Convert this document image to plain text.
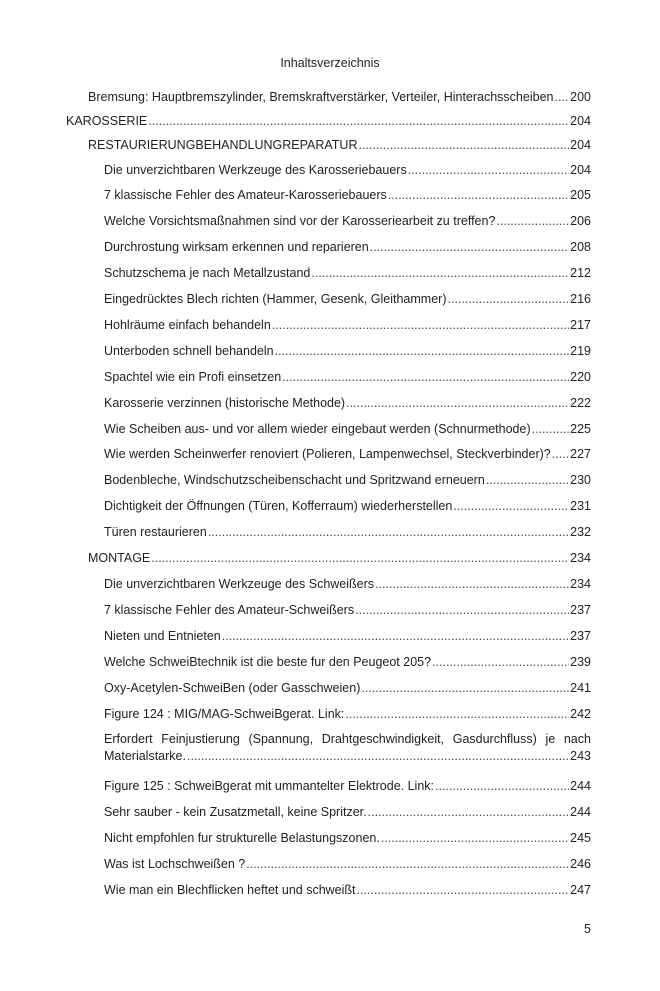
Inhaltsverzeichnis
Bremsung: Hauptbremszylinder, Bremskraftverstärker, Verteiler, Hinterachsscheiben ..... 200
KAROSSERIE .....	204
RESTAURIERUNGBEHANDLUNGREPARATUR .....	204
Die unverzichtbaren Werkzeuge des Karosseriebauers .....	204
7 klassische Fehler des Amateur-Karosseriebauers .....	205
Welche Vorsichtsmaßnahmen sind vor der Karosseriearbeit zu treffen? .....	206
Durchrostung wirksam erkennen und reparieren .....	208
Schutzschema je nach Metallzustand .....	212
Eingedrücktes Blech richten (Hammer, Gesenk, Gleithammer) .....	216
Hohlräume einfach behandeln .....	217
Unterboden schnell behandeln .....	219
Spachtel wie ein Profi einsetzen .....	220
Karosserie verzinnen (historische Methode) .....	222
Wie Scheiben aus- und vor allem wieder eingebaut werden (Schnurmethode) .....	225
Wie werden Scheinwerfer renoviert (Polieren, Lampenwechsel, Steckverbinder)? ..... 227
Bodenbleche, Windschutzscheibenschacht und Spritzwand erneuern .....	230
Dichtigkeit der Öffnungen (Türen, Kofferraum) wiederherstellen .....	231
Türen restaurieren .....	232
MONTAGE .....	234
Die unverzichtbaren Werkzeuge des Schweißers .....	234
7 klassische Fehler des Amateur-Schweißers .....	237
Nieten und Entnieten .....	237
Welche SchweiBtechnik ist die beste fur den Peugeot 205? .....	239
Oxy-Acetylen-SchweiBen (oder Gasschweien) .....	241
Figure 124 : MIG/MAG-SchweiBgerat. Link: .....	242
Erfordert Feinjustierung (Spannung, Drahtgeschwindigkeit, Gasdurchfluss) je nach
Materialstarke. .....	243
Figure 125 : SchweiBgerat mit ummantelter Elektrode. Link: .....	244
Sehr sauber - kein Zusatzmetall, keine Spritzer. .....	244
Nicht empfohlen fur strukturelle Belastungszonen. .....	245
Was ist Lochschweißen ? .....	246
Wie man ein Blechflicken heftet und schweißt .....	247
5
